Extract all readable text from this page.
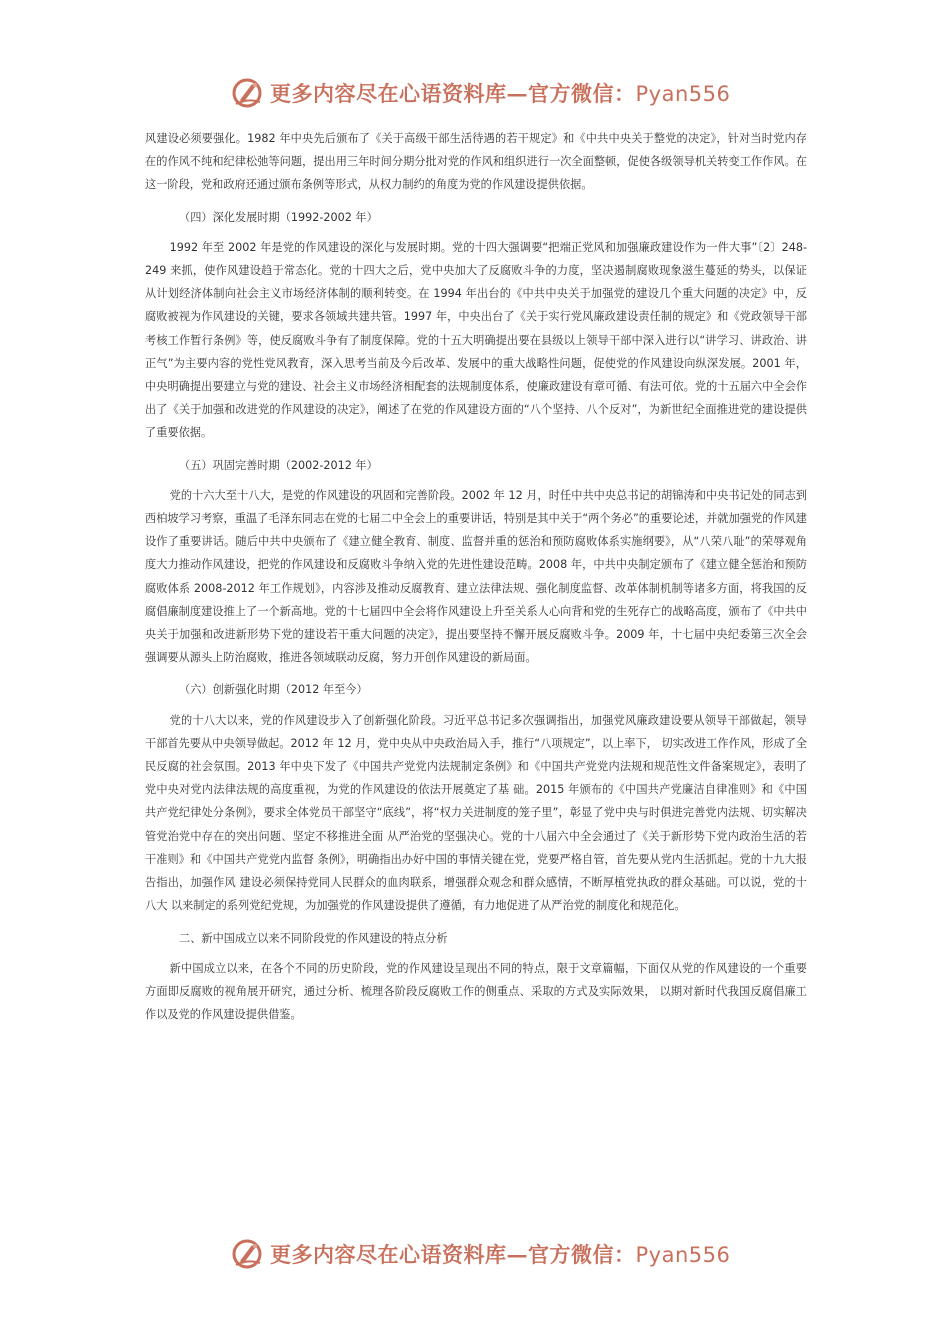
更多内容尽在心语资料库—官方微信：Pyan556

风建设必须要强化。1982 年中央先后颁布了《关于高级干部生活待遇的若干规定》和《中共中央关于整党的决定》，针对当时党内存在的作风不纯和纪律松弛等问题，提出用三年时间分期分批对党的作风和组织进行一次全面整顿，促使各级领导机关转变工作作风。在这一阶段，党和政府还通过颁布条例等形式，从权力制约的角度为党的作风建设提供依据。

（四）深化发展时期（1992-2002 年）

1992 年至 2002 年是党的作风建设的深化与发展时期。党的十四大强调要“把端正党风和加强廉政建设作为一件大事”〔2〕248-249 来抓，使作风建设趋于常态化。党的十四大之后，党中央加大了反腐败斗争的力度，坚决遏制腐败现象滋生蔓延的势头，以保证从计划经济体制向社会主义市场经济体制的顺利转变。在 1994 年出台的《中共中央关于加强党的建设几个重大问题的决定》中，反腐败被视为作风建设的关键，要求各领域共建共管。1997 年，中央出台了《关于实行党风廉政建设责任制的规定》和《党政领导干部考核工作暂行条例》等，使反腐败斗争有了制度保障。党的十五大明确提出要在县级以上领导干部中深入进行以“讲学习、讲政治、讲正气”为主要内容的党性党风教育，深入思考当前及今后改革、发展中的重大战略性问题，促使党的作风建设向纵深发展。2001 年，中央明确提出要建立与党的建设、社会主义市场经济相配套的法规制度体系，使廉政建设有章可循、有法可依。党的十五届六中全会作出了《关于加强和改进党的作风建设的决定》，阐述了在党的作风建设方面的“八个坚持、八个反对”，为新世纪全面推进党的建设提供了重要依据。

（五）巩固完善时期（2002-2012 年）

党的十六大至十八大，是党的作风建设的巩固和完善阶段。2002 年 12 月，时任中共中央总书记的胡锦涛和中央书记处的同志到西柏坡学习考察，重温了毛泽东同志在党的七届二中全会上的重要讲话，特别是其中关于“两个务必”的重要论述，并就加强党的作风建设作了重要讲话。随后中共中央颁布了《建立健全教育、制度、监督并重的惩治和预防腐败体系实施纲要》，从“八荣八耻”的荣辱观角度大力推动作风建设，把党的作风建设和反腐败斗争纳入党的先进性建设范畴。2008 年，中共中央制定颁布了《建立健全惩治和预防腐败体系 2008-2012 年工作规划》，内容涉及推动反腐教育、建立法律法规、强化制度监督、改革体制机制等诸多方面，将我国的反腐倡廉制度建设推上了一个新高地。党的十七届四中全会将作风建设上升至关系人心向背和党的生死存亡的战略高度，颁布了《中共中央关于加强和改进新形势下党的建设若干重大问题的决定》，提出要坚持不懈开展反腐败斗争。2009 年，十七届中央纪委第三次全会强调要从源头上防治腐败，推进各领域联动反腐，努力开创作风建设的新局面。

（六）创新强化时期（2012 年至今）

党的十八大以来，党的作风建设步入了创新强化阶段。习近平总书记多次强调指出，加强党风廉政建设要从领导干部做起，领导干部首先要从中央领导做起。2012 年 12 月，党中央从中央政治局入手，推行“八项规定”，以上率下， 切实改进工作作风，形成了全民反腐的社会氛围。2013 年中央下发了《中国共产党党内法规制定条例》和《中国共产党党内法规和规范性文件备案规定》，表明了党中央对党内法律法规的高度重视，为党的作风建设的依法开展奠定了基 础。2015 年颁布的《中国共产党廉洁自律准则》和《中国共产党纪律处分条例》，要求全体党员干部坚守“底线”，将“权力关进制度的笼子里”，彰显了党中央与时俱进完善党内法规、切实解决管党治党中存在的突出问题、坚定不移推进全面 从严治党的坚强决心。党的十八届六中全会通过了《关于新形势下党内政治生活的若干准则》和《中国共产党党内监督 条例》，明确指出办好中国的事情关键在党，党要严格自管，首先要从党内生活抓起。党的十九大报告指出，加强作风 建设必须保持党同人民群众的血肉联系，增强群众观念和群众感情，不断厚植党执政的群众基础。可以说，党的十八大 以来制定的系列党纪党规，为加强党的作风建设提供了遵循，有力地促进了从严治党的制度化和规范化。

二、新中国成立以来不同阶段党的作风建设的特点分析

新中国成立以来，在各个不同的历史阶段，党的作风建设呈现出不同的特点，限于文章篇幅，下面仅从党的作风建设的一个重要方面即反腐败的视角展开研究，通过分析、梳理各阶段反腐败工作的侧重点、采取的方式及实际效果， 以期对新时代我国反腐倡廉工作以及党的作风建设提供借鉴。

更多内容尽在心语资料库—官方微信：Pyan556
